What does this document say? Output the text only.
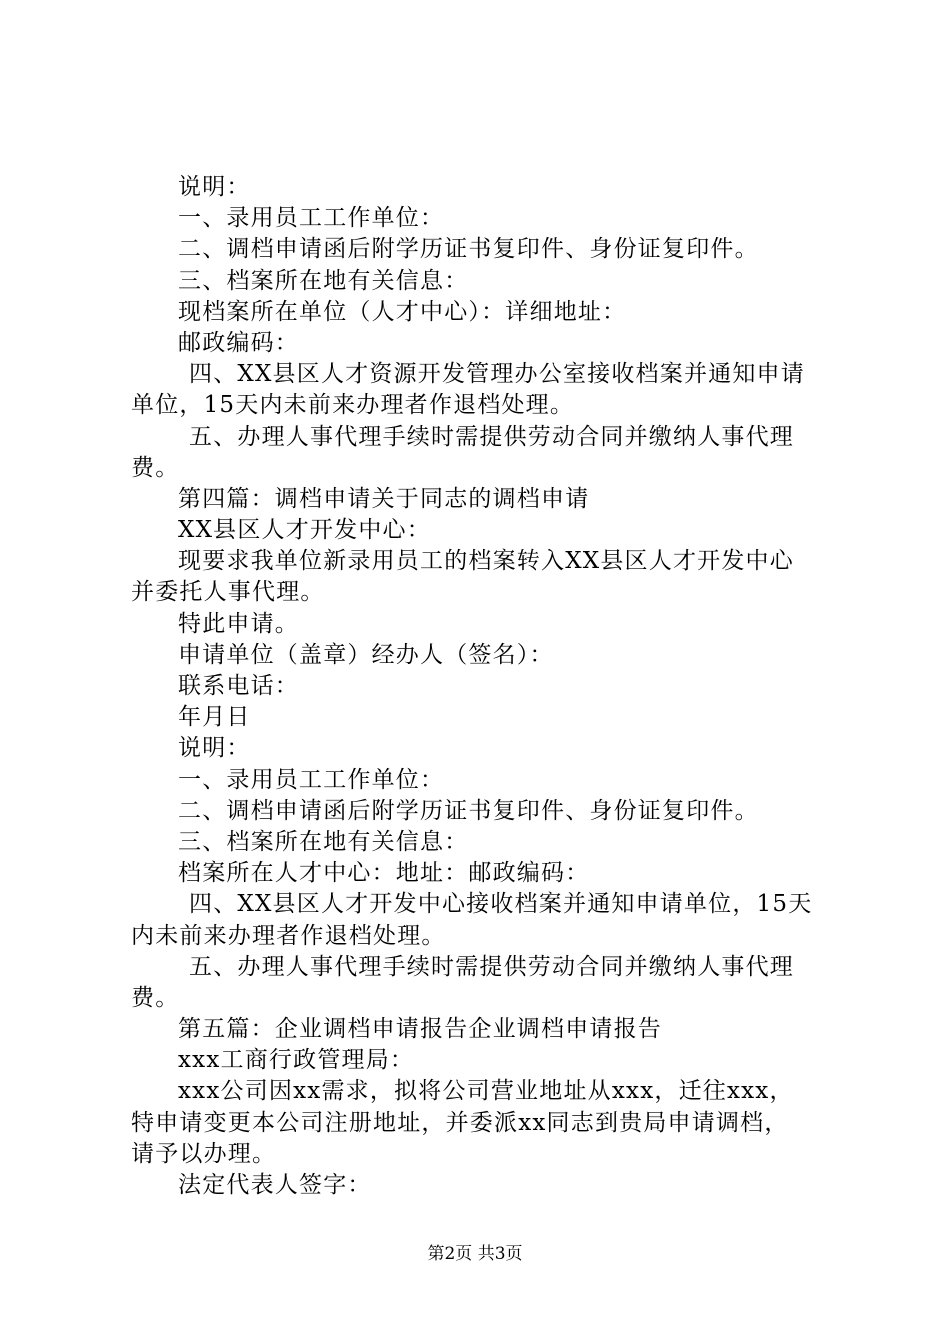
说明：
一、录用员工工作单位：
二、调档申请函后附学历证书复印件、身份证复印件。
三、档案所在地有关信息：
现档案所在单位（人才中心）：详细地址：
邮政编码：
四、XX县区人才资源开发管理办公室接收档案并通知申请
单位，15天内未前来办理者作退档处理。
五、办理人事代理手续时需提供劳动合同并缴纳人事代理
费。
第四篇：调档申请关于同志的调档申请
XX县区人才开发中心：
现要求我单位新录用员工的档案转入XX县区人才开发中心
并委托人事代理。
特此申请。
申请单位（盖章）经办人（签名）：
联系电话：
年月日
说明：
一、录用员工工作单位：
二、调档申请函后附学历证书复印件、身份证复印件。
三、档案所在地有关信息：
档案所在人才中心：地址：邮政编码：
四、XX县区人才开发中心接收档案并通知申请单位，15天
内未前来办理者作退档处理。
五、办理人事代理手续时需提供劳动合同并缴纳人事代理
费。
第五篇：企业调档申请报告企业调档申请报告
xxx工商行政管理局：
xxx公司因xx需求，拟将公司营业地址从xxx，迁往xxx，
特申请变更本公司注册地址，并委派xx同志到贵局申请调档，
请予以办理。
法定代表人签字：
第2页 共3页
